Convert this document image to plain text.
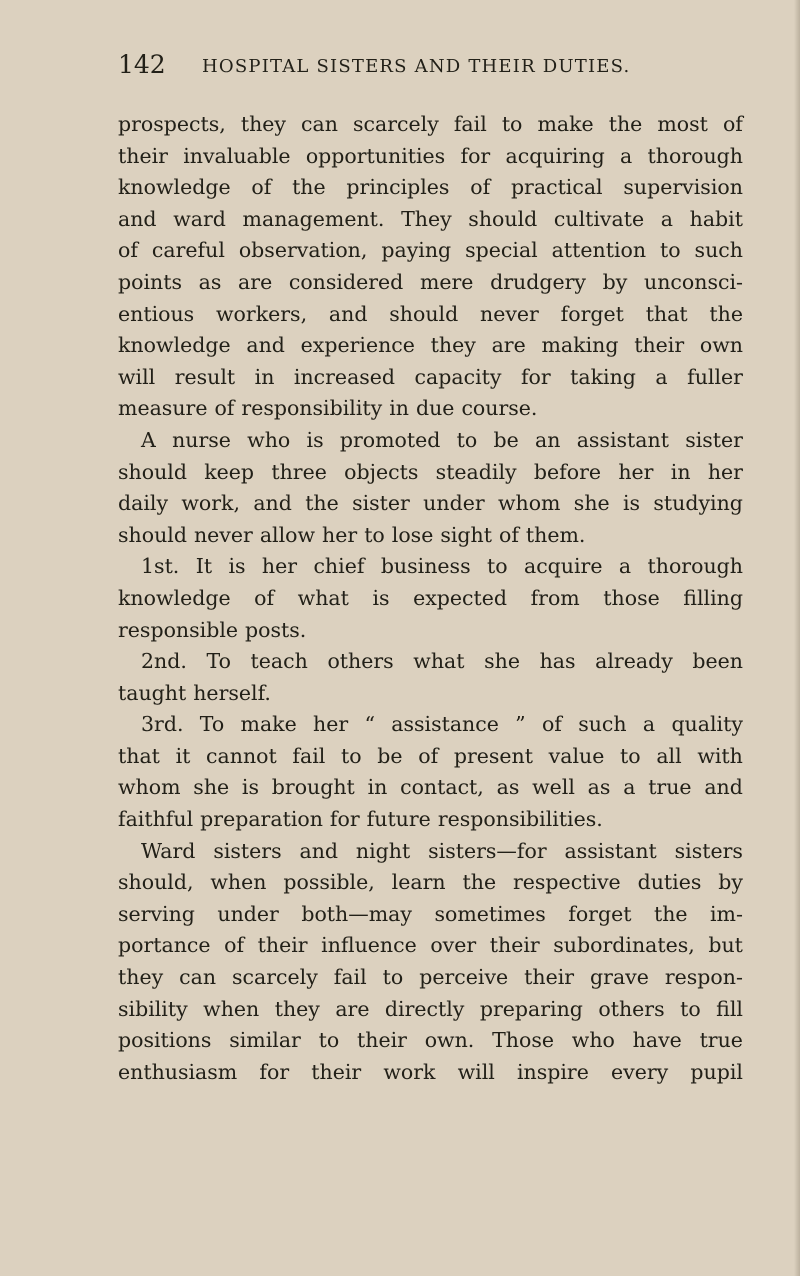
142 HOSPITAL SISTERS AND THEIR DUTIES.
prospects, they can scarcely fail to make the most of
their invaluable opportunities for acquiring a thorough
knowledge of the principles of practical supervision
and ward management. They should cultivate a habit
of careful observation, paying special attention to such
points as are considered mere drudgery by unconsci-
entious workers, and should never forget that the
knowledge and experience they are making their own
will result in increased capacity for taking a fuller
measure of responsibility in due course.
A nurse who is promoted to be an assistant sister
should keep three objects steadily before her in her
daily work, and the sister under whom she is studying
should never allow her to lose sight of them.
1st. It is her chief business to acquire a thorough
knowledge of what is expected from those filling
responsible posts.
2nd. To teach others what she has already been
taught herself.
3rd. To make her “ assistance ” of such a quality
that it cannot fail to be of present value to all with
whom she is brought in contact, as well as a true and
faithful preparation for future responsibilities.
Ward sisters and night sisters—for assistant sisters
should, when possible, learn the respective duties by
serving under both—may sometimes forget the im-
portance of their influence over their subordinates, but
they can scarcely fail to perceive their grave respon-
sibility when they are directly preparing others to fill
positions similar to their own. Those who have true
enthusiasm for their work will inspire every pupil
